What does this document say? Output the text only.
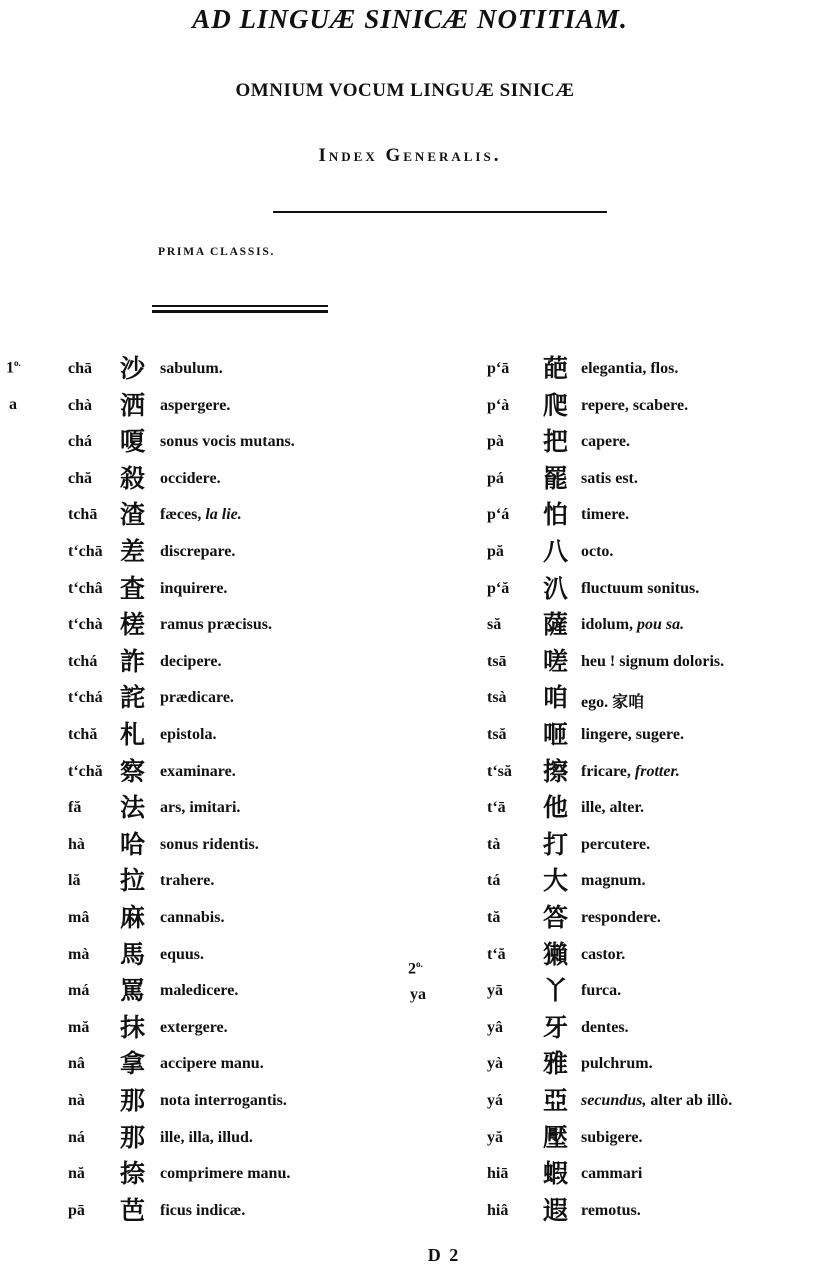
AD LINGUÆ SINICÆ NOTITIAM.
OMNIUM VOCUM LINGUÆ SINICÆ
Index Generalis.
PRIMA CLASSIS.
$1^{o.}$
a
$2^{o.}$
ya
chā 沙 sabulum.
chà 洒 aspergere.
chá 嗄 sonus vocis mutans.
chă 殺 occidere.
tchā 渣 fæces, la lie.
t‘chā 差 discrepare.
t‘châ 査 inquirere.
t‘chà 槎 ramus præcisus.
tchá 詐 decipere.
t‘chá 詫 prædicare.
tchă 札 epistola.
t‘chă 察 examinare.
fă 法 ars, imitari.
hà 哈 sonus ridentis.
lă 拉 trahere.
mâ 麻 cannabis.
mà 馬 equus.
má 罵 maledicere.
mă 抹 extergere.
nâ 拿 accipere manu.
nà 那 nota interrogantis.
ná 那 ille, illa, illud.
nă 捺 comprimere manu.
pā 芭 ficus indicæ.
p‘ā 葩 elegantia, flos.
p‘à 爬 repere, scabere.
pà 把 capere.
pá 罷 satis est.
p‘á 怕 timere.
pă 八 octo.
p‘ă 汃 fluctuum sonitus.
să 薩 idolum, pou sa.
tsā 嗟 heu ! signum doloris.
tsà 咱 ego. 家咱
tsă 咂 lingere, sugere.
t‘să 擦 fricare, frotter.
t‘ā 他 ille, alter.
tà 打 percutere.
tá 大 magnum.
tă 答 respondere.
t‘ă 獺 castor.
yā 丫 furca.
yâ 牙 dentes.
yà 雅 pulchrum.
yá 亞 secundus, alter ab illò.
yă 壓 subigere.
hiā 蝦 cammari
hiâ 遐 remotus.
D 2
